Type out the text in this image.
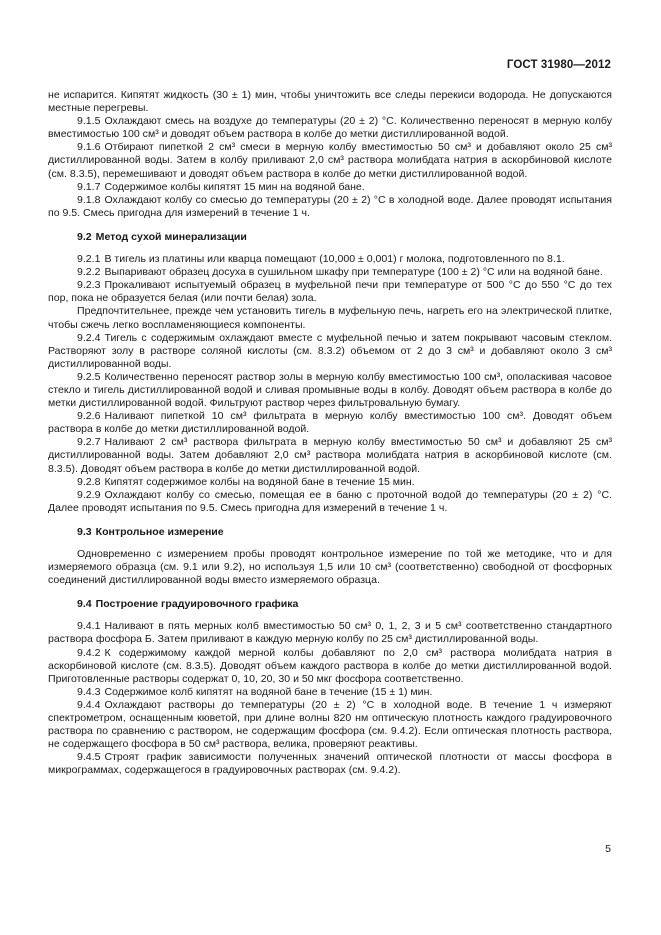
ГОСТ 31980—2012

не испарится. Кипятят жидкость (30 ± 1) мин, чтобы уничтожить все следы перекиси водорода. Не допускаются местные перегревы.

9.1.5 Охлаждают смесь на воздухе до температуры (20 ± 2) °С. Количественно переносят в мерную колбу вместимостью 100 см³ и доводят объем раствора в колбе до метки дистиллированной водой.

9.1.6 Отбирают пипеткой 2 см³ смеси в мерную колбу вместимостью 50 см³ и добавляют около 25 см³ дистиллированной воды. Затем в колбу приливают 2,0 см³ раствора молибдата натрия в аскорбиновой кислоте (см. 8.3.5), перемешивают и доводят объем раствора в колбе до метки дистиллированной водой.

9.1.7 Содержимое колбы кипятят 15 мин на водяной бане.

9.1.8 Охлаждают колбу со смесью до температуры (20 ± 2) °С в холодной воде. Далее проводят испытания по 9.5. Смесь пригодна для измерений в течение 1 ч.

9.2 Метод сухой минерализации

9.2.1 В тигель из платины или кварца помещают (10,000 ± 0,001) г молока, подготовленного по 8.1.

9.2.2 Выпаривают образец досуха в сушильном шкафу при температуре (100 ± 2) °С или на водяной бане.

9.2.3 Прокаливают испытуемый образец в муфельной печи при температуре от 500 °С до 550 °С до тех пор, пока не образуется белая (или почти белая) зола.

Предпочтительнее, прежде чем установить тигель в муфельную печь, нагреть его на электрической плитке, чтобы сжечь легко воспламеняющиеся компоненты.

9.2.4 Тигель с содержимым охлаждают вместе с муфельной печью и затем покрывают часовым стеклом. Растворяют золу в растворе соляной кислоты (см. 8.3.2) объемом от 2 до 3 см³ и добавляют около 3 см³ дистиллированной воды.

9.2.5 Количественно переносят раствор золы в мерную колбу вместимостью 100 см³, ополаскивая часовое стекло и тигель дистиллированной водой и сливая промывные воды в колбу. Доводят объем раствора в колбе до метки дистиллированной водой. Фильтруют раствор через фильтровальную бумагу.

9.2.6 Наливают пипеткой 10 см³ фильтрата в мерную колбу вместимостью 100 см³. Доводят объем раствора в колбе до метки дистиллированной водой.

9.2.7 Наливают 2 см³ раствора фильтрата в мерную колбу вместимостью 50 см³ и добавляют 25 см³ дистиллированной воды. Затем добавляют 2,0 см³ раствора молибдата натрия в аскорбиновой кислоте (см. 8.3.5). Доводят объем раствора в колбе до метки дистиллированной водой.

9.2.8 Кипятят содержимое колбы на водяной бане в течение 15 мин.

9.2.9 Охлаждают колбу со смесью, помещая ее в баню с проточной водой до температуры (20 ± 2) °С. Далее проводят испытания по 9.5. Смесь пригодна для измерений в течение 1 ч.

9.3 Контрольное измерение

Одновременно с измерением пробы проводят контрольное измерение по той же методике, что и для измеряемого образца (см. 9.1 или 9.2), но используя 1,5 или 10 см³ (соответственно) свободной от фосфорных соединений дистиллированной воды вместо измеряемого образца.

9.4 Построение градуировочного графика

9.4.1 Наливают в пять мерных колб вместимостью 50 см³ 0, 1, 2, 3 и 5 см³ соответственно стандартного раствора фосфора Б. Затем приливают в каждую мерную колбу по 25 см³ дистиллированной воды.

9.4.2 К содержимому каждой мерной колбы добавляют по 2,0 см³ раствора молибдата натрия в аскорбиновой кислоте (см. 8.3.5). Доводят объем каждого раствора в колбе до метки дистиллированной водой. Приготовленные растворы содержат 0, 10, 20, 30 и 50 мкг фосфора соответственно.

9.4.3 Содержимое колб кипятят на водяной бане в течение (15 ± 1) мин.

9.4.4 Охлаждают растворы до температуры (20 ± 2) °С в холодной воде. В течение 1 ч измеряют спектрометром, оснащенным кюветой, при длине волны 820 нм оптическую плотность каждого градуировочного раствора по сравнению с раствором, не содержащим фосфора (см. 9.4.2). Если оптическая плотность раствора, не содержащего фосфора в 50 см³ раствора, велика, проверяют реактивы.

9.4.5 Строят график зависимости полученных значений оптической плотности от массы фосфора в микрограммах, содержащегося в градуировочных растворах (см. 9.4.2).

5
